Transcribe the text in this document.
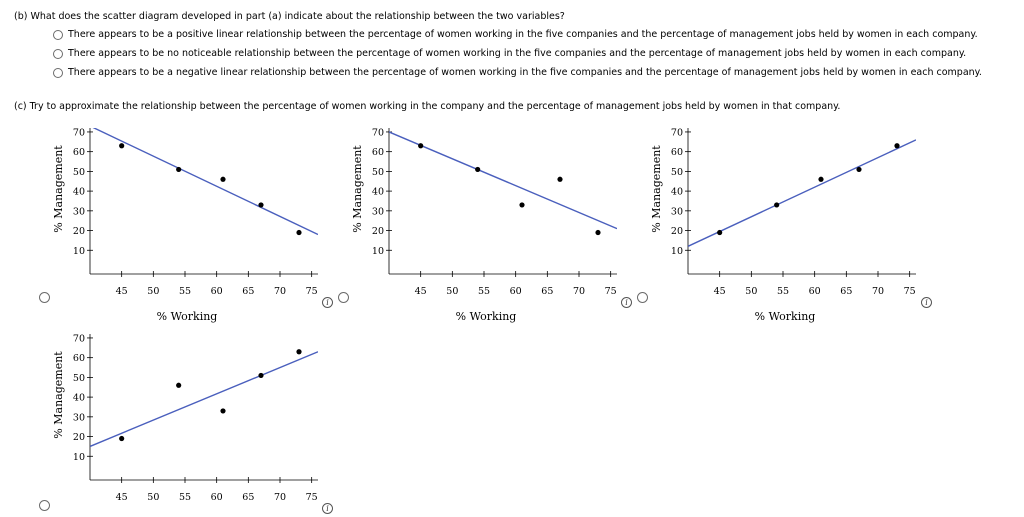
(b) What does the scatter diagram developed in part (a) indicate about the relationship between the two variables?
There appears to be a positive linear relationship between the percentage of women working in the five companies and the percentage of management jobs held by women in each company.
There appears to be no noticeable relationship between the percentage of women working in the five companies and the percentage of management jobs held by women in each company.
There appears to be a negative linear relationship between the percentage of women working in the five companies and the percentage of management jobs held by women in each company.
(c) Try to approximate the relationship between the percentage of women working in the company and the percentage of management jobs held by women in that company.
10
20
30
40
50
60
70
45 50 55 60 65 70 75
% Working
% Management
i
10
20
30
40
50
60
70
45 50 55 60 65 70 75
% Working
% Management
i
10
20
30
40
50
60
70
45 50 55 60 65 70 75
% Working
% Management
i
10
20
30
40
50
60
70
45 50 55 60 65 70 75
% Management
i
